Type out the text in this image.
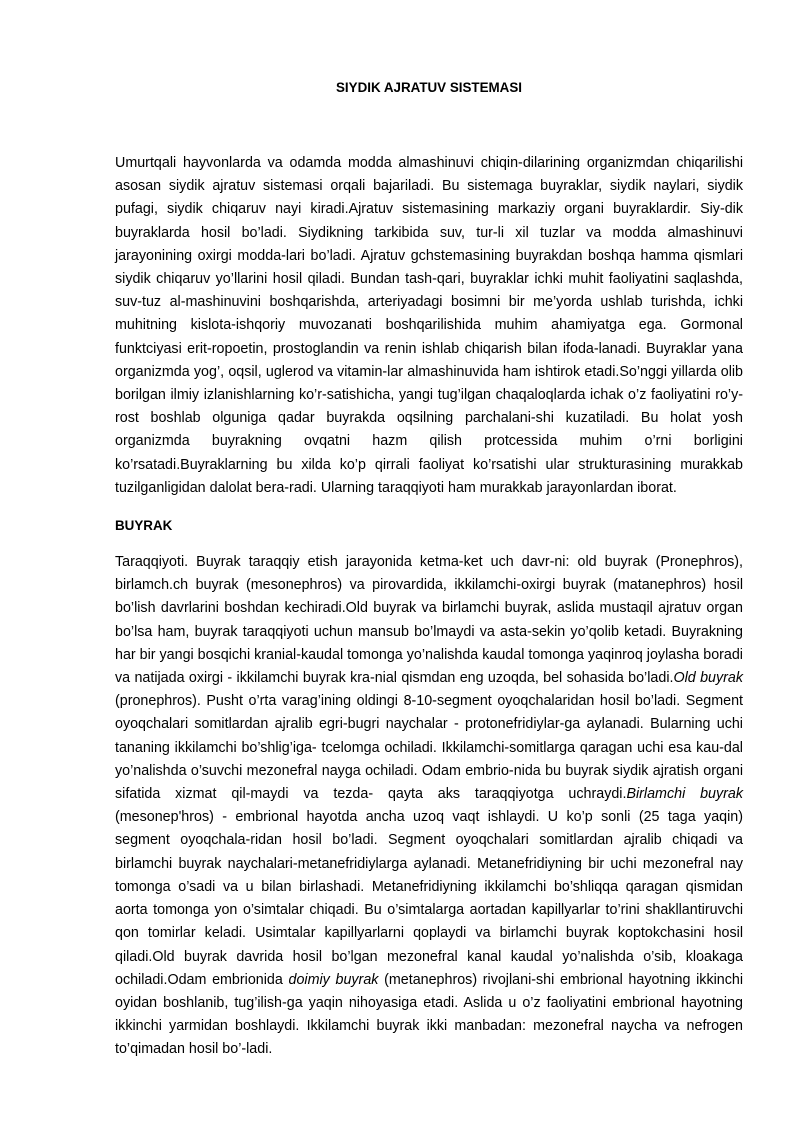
SIYDIK AJRATUV SISTEMASI

Umurtqali hayvonlarda va odamda modda almashinuvi chiqin-dilarining organizmdan chiqarilishi asosan siydik ajratuv sistemasi orqali bajariladi. Bu sistemaga buyraklar, siydik naylari, siydik pufagi, siydik chiqaruv nayi kiradi.Ajratuv sistemasining markaziy organi buyraklardir. Siy-dik buyraklarda hosil bo’ladi. Siydikning tarkibida suv, tur-li xil tuzlar va modda almashinuvi jarayonining oxirgi modda-lari bo’ladi. Ajratuv gchstemasining buyrakdan boshqa hamma qismlari siydik chiqaruv yo’llarini hosil qiladi. Bundan tash-qari, buyraklar ichki muhit faoliyatini saqlashda, suv-tuz al-mashinuvini boshqarishda, arteriyadagi bosimni bir me’yorda ushlab turishda, ichki muhitning kislota-ishqoriy muvozanati boshqarilishida muhim ahamiyatga ega. Gormonal funktciyasi erit-ropoetin, prostoglandin va renin ishlab chiqarish bilan ifoda-lanadi. Buyraklar yana organizmda yog’, oqsil, uglerod va vitamin-lar almashinuvida ham ishtirok etadi.So’nggi yillarda olib borilgan ilmiy izlanishlarning ko’r-satishicha, yangi tug’ilgan chaqaloqlarda ichak o’z faoliyatini ro’y-rost boshlab olguniga qadar buyrakda oqsilning parchalani-shi kuzatiladi. Bu holat yosh organizmda buyrakning ovqatni hazm qilish protcessida muhim o’rni borligini ko’rsatadi.Buyraklarning bu xilda ko’p qirrali faoliyat ko’rsatishi ular strukturasining murakkab tuzilganligidan dalolat bera-radi. Ularning taraqqiyoti ham murakkab jarayonlardan iborat.

BUYRAK

Taraqqiyoti. Buyrak taraqqiy etish jarayonida ketma-ket uch davr-ni: old buyrak (Pronephros), birlamch.ch buyrak (mesonephros) va pirovardida, ikkilamchi-oxirgi buyrak (matanephros) hosil bo’lish davrlarini boshdan kechiradi.Old buyrak va birlamchi buyrak, aslida mustaqil ajratuv organ bo’lsa ham, buyrak taraqqiyoti uchun mansub bo’lmaydi va asta-sekin yo’qolib ketadi. Buyrakning har bir yangi bosqichi kranial-kaudal tomonga yo’nalishda kaudal tomonga yaqinroq joylasha boradi va natijada oxirgi - ikkilamchi buyrak kra-nial qismdan eng uzoqda, bel sohasida bo’ladi.Old buyrak (pronephros). Pusht o’rta varag’ining oldingi 8-10-segment oyoqchalaridan hosil bo’ladi. Segment oyoqchalari somitlardan ajralib egri-bugri naychalar - protonefridiylar-ga aylanadi. Bularning uchi tananing ikkilamchi bo’shlig’iga- tcelomga ochiladi. Ikkilamchi-somitlarga qaragan uchi esa kau-dal yo’nalishda o’suvchi mezonefral nayga ochiladi. Odam embrio-nida bu buyrak siydik ajratish organi sifatida xizmat qil-maydi va tezda- qayta aks taraqqiyotga uchraydi.Birlamchi buyrak (mesonep'hros) - embrional hayotda ancha uzoq vaqt ishlaydi. U ko’p sonli (25 taga yaqin) segment oyoqchala-ridan hosil bo’ladi. Segment oyoqchalari somitlardan ajralib chiqadi va birlamchi buyrak naychalari-metanefridiylarga aylanadi. Metanefridiyning bir uchi mezonefral nay tomonga o’sadi va u bilan birlashadi. Metanefridiyning ikkilamchi bo’shliqqa qaragan qismidan aorta tomonga yon o’simtalar chiqadi. Bu o’simtalarga aortadan kapillyarlar to’rini shakllantiruvchi qon tomirlar keladi. Usimtalar kapillyarlarni qoplaydi va birlamchi buyrak koptokchasini hosil qiladi.Old buyrak davrida hosil bo’lgan mezonefral kanal kaudal yo’nalishda o’sib, kloakaga ochiladi.Odam embrionida doimiy buyrak (metanephros) rivojlani-shi embrional hayotning ikkinchi oyidan boshlanib, tug’ilish-ga yaqin nihoyasiga etadi. Aslida u o’z faoliyatini embrional hayotning ikkinchi yarmidan boshlaydi. Ikkilamchi buyrak ikki manbadan: mezonefral naycha va nefrogen to’qimadan hosil bo’-ladi.
